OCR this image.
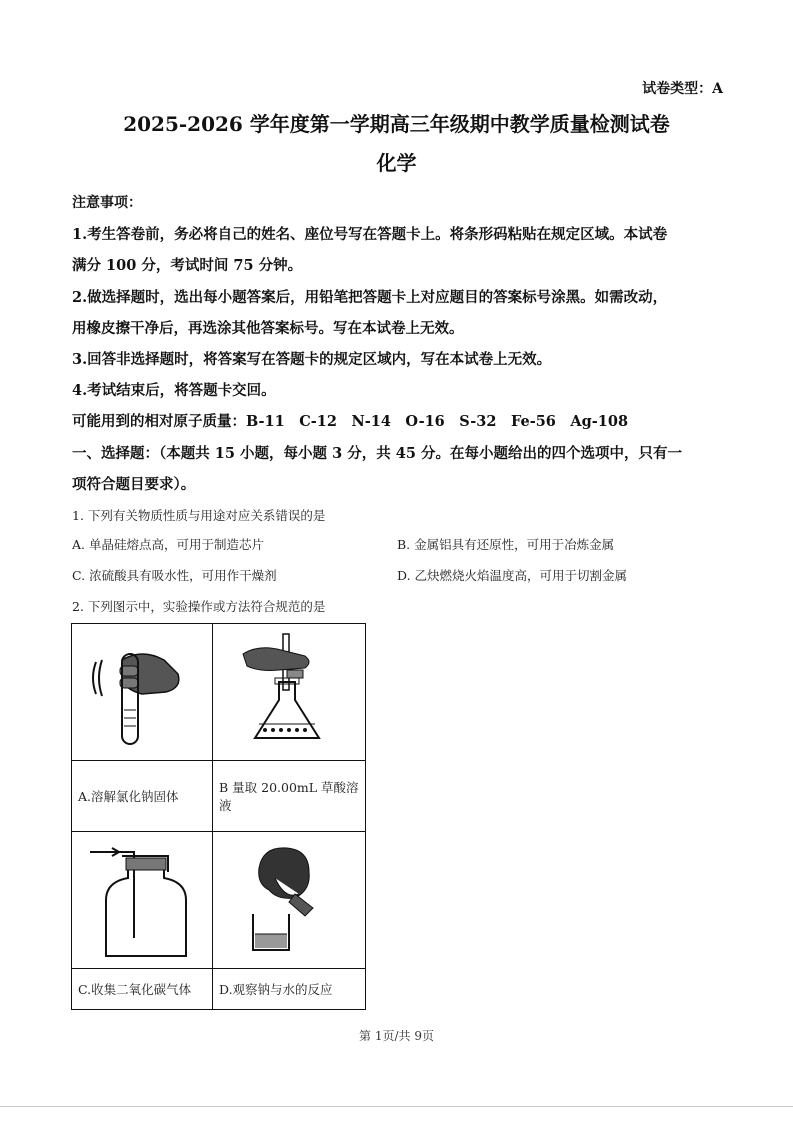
试卷类型：A
2025-2026 学年度第一学期高三年级期中教学质量检测试卷
化学
注意事项：
1.考生答卷前，务必将自己的姓名、座位号写在答题卡上。将条形码粘贴在规定区域。本试卷
满分 100 分，考试时间 75 分钟。
2.做选择题时，选出每小题答案后，用铅笔把答题卡上对应题目的答案标号涂黑。如需改动，
用橡皮擦干净后，再选涂其他答案标号。写在本试卷上无效。
3.回答非选择题时，将答案写在答题卡的规定区域内，写在本试卷上无效。
4.考试结束后，将答题卡交回。
可能用到的相对原子质量：B-11　C-12　N-14　O-16　S-32　Fe-56　Ag-108
一、选择题：（本题共 15 小题，每小题 3 分，共 45 分。在每小题给出的四个选项中，只有一
项符合题目要求）。
1. 下列有关物质性质与用途对应关系错误的是
A. 单晶硅熔点高，可用于制造芯片	B. 金属铝具有还原性，可用于冶炼金属
C. 浓硫酸具有吸水性，可用作干燥剂	D. 乙炔燃烧火焰温度高，可用于切割金属
2. 下列图示中，实验操作或方法符合规范的是

A.溶解氯化钠固体	B 量取 20.00mL 草酸溶液

C.收集二氧化碳气体	D.观察钠与水的反应
第 1页/共 9页
